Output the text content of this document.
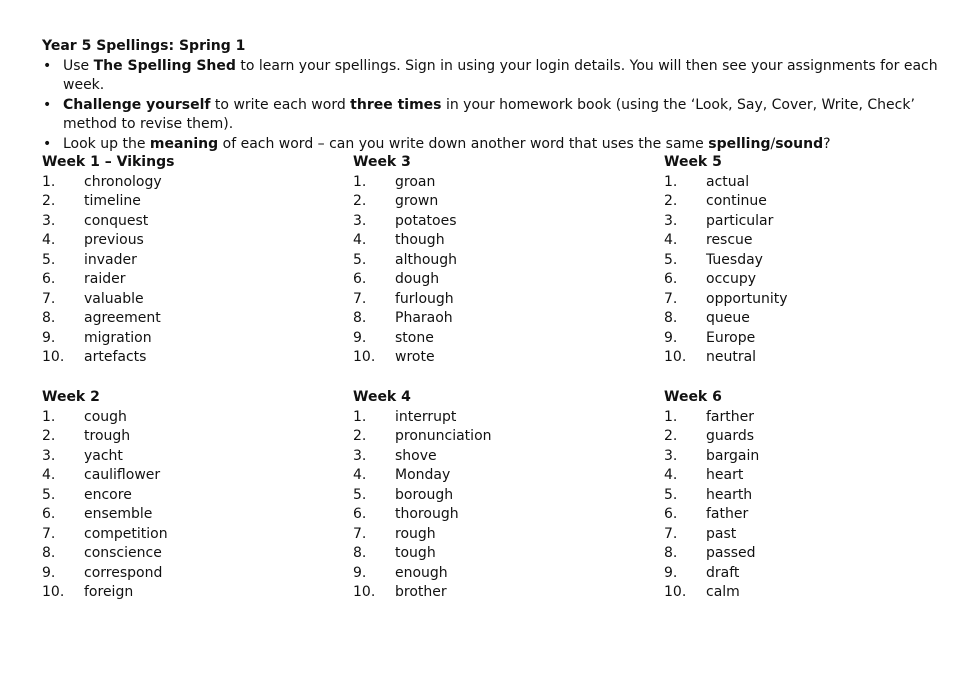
Year 5 Spellings: Spring 1
• Use The Spelling Shed to learn your spellings. Sign in using your login details. You will then see your assignments for each week.
• Challenge yourself to write each word three times in your homework book (using the ‘Look, Say, Cover, Write, Check’ method to revise them).
• Look up the meaning of each word – can you write down another word that uses the same spelling/sound?
Week 1 – Vikings
1. chronology
2. timeline
3. conquest
4. previous
5. invader
6. raider
7. valuable
8. agreement
9. migration
10. artefacts
Week 3
1. groan
2. grown
3. potatoes
4. though
5. although
6. dough
7. furlough
8. Pharaoh
9. stone
10. wrote
Week 5
1. actual
2. continue
3. particular
4. rescue
5. Tuesday
6. occupy
7. opportunity
8. queue
9. Europe
10. neutral
Week 2
1. cough
2. trough
3. yacht
4. cauliflower
5. encore
6. ensemble
7. competition
8. conscience
9. correspond
10. foreign
Week 4
1. interrupt
2. pronunciation
3. shove
4. Monday
5. borough
6. thorough
7. rough
8. tough
9. enough
10. brother
Week 6
1. farther
2. guards
3. bargain
4. heart
5. hearth
6. father
7. past
8. passed
9. draft
10. calm
